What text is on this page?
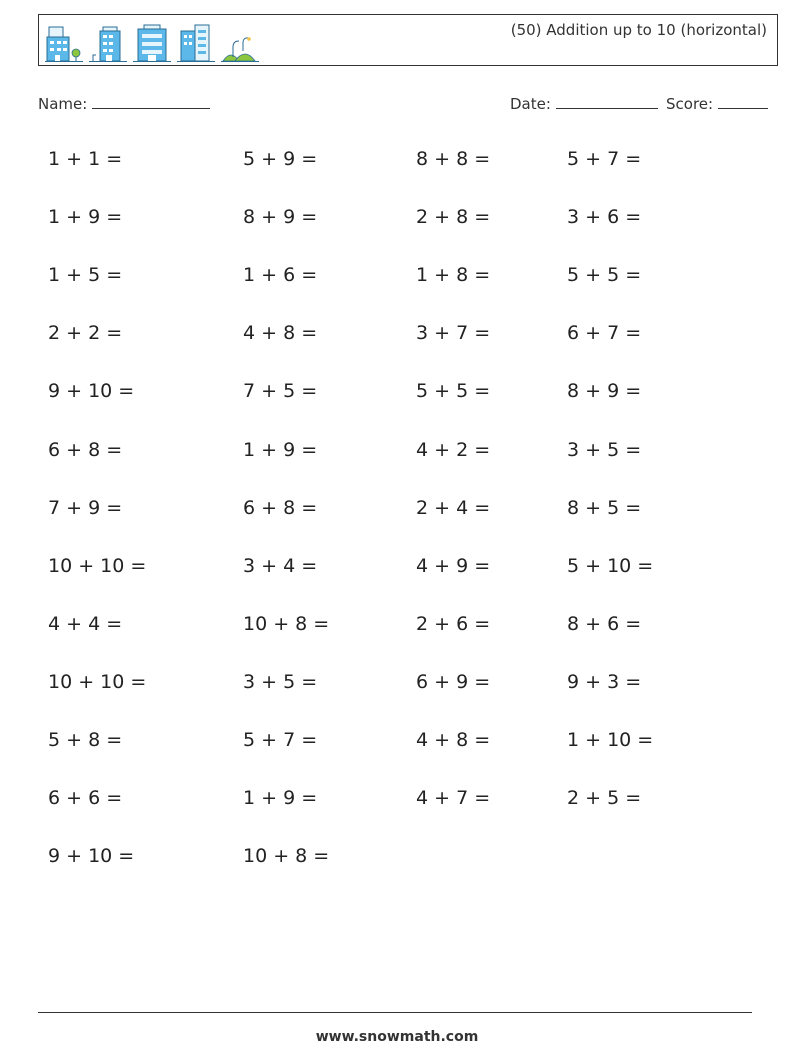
(50) Addition up to 10 (horizontal)
Name:	Date:	Score:
1 + 1 =	5 + 9 =	8 + 8 =	5 + 7 =
1 + 9 =	8 + 9 =	2 + 8 =	3 + 6 =
1 + 5 =	1 + 6 =	1 + 8 =	5 + 5 =
2 + 2 =	4 + 8 =	3 + 7 =	6 + 7 =
9 + 10 =	7 + 5 =	5 + 5 =	8 + 9 =
6 + 8 =	1 + 9 =	4 + 2 =	3 + 5 =
7 + 9 =	6 + 8 =	2 + 4 =	8 + 5 =
10 + 10 =	3 + 4 =	4 + 9 =	5 + 10 =
4 + 4 =	10 + 8 =	2 + 6 =	8 + 6 =
10 + 10 =	3 + 5 =	6 + 9 =	9 + 3 =
5 + 8 =	5 + 7 =	4 + 8 =	1 + 10 =
6 + 6 =	1 + 9 =	4 + 7 =	2 + 5 =
9 + 10 =	10 + 8 =
www.snowmath.com
